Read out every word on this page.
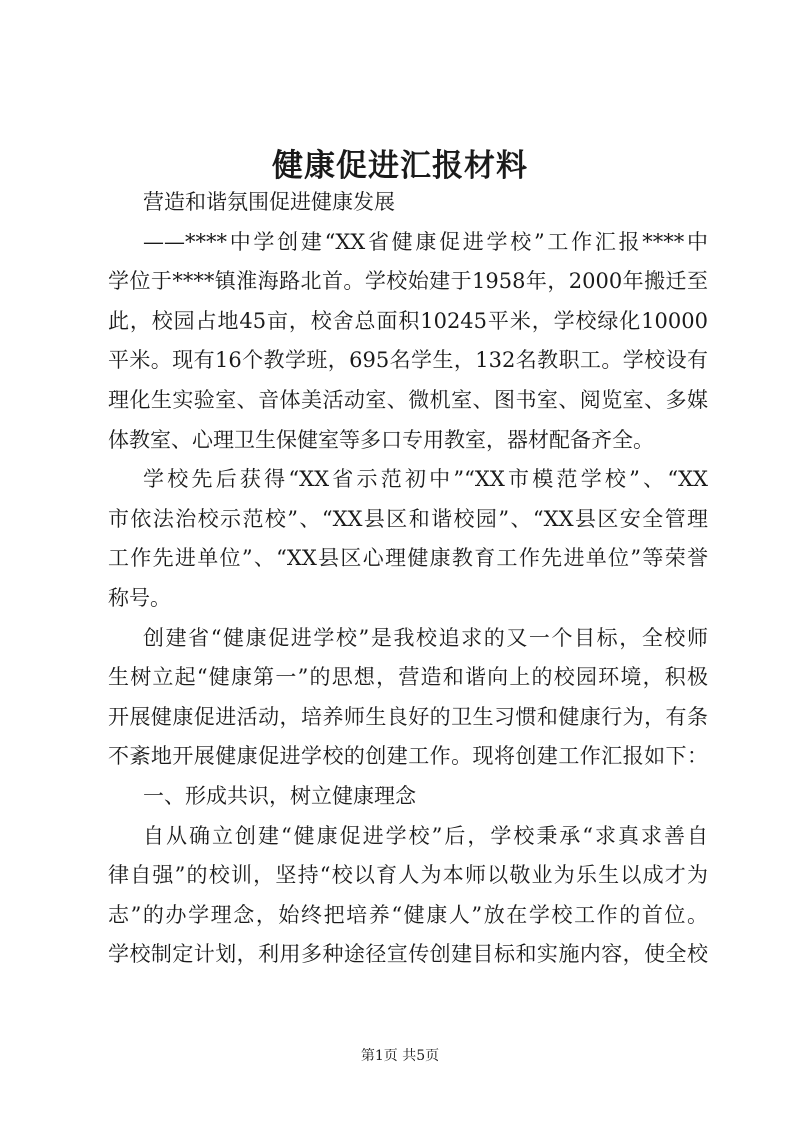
健康促进汇报材料
营造和谐氛围促进健康发展
——****中学创建“XX省健康促进学校”工作汇报****中
学位于****镇淮海路北首。学校始建于1958年，2000年搬迁至
此，校园占地45亩，校舍总面积10245平米，学校绿化10000
平米。现有16个教学班，695名学生，132名教职工。学校设有
理化生实验室、音体美活动室、微机室、图书室、阅览室、多媒
体教室、心理卫生保健室等多口专用教室，器材配备齐全。
学校先后获得“XX省示范初中”“XX市模范学校”、“XX
市依法治校示范校”、“XX县区和谐校园”、“XX县区安全管理
工作先进单位”、“XX县区心理健康教育工作先进单位”等荣誉
称号。
创建省“健康促进学校”是我校追求的又一个目标，全校师
生树立起“健康第一”的思想，营造和谐向上的校园环境，积极
开展健康促进活动，培养师生良好的卫生习惯和健康行为，有条
不紊地开展健康促进学校的创建工作。现将创建工作汇报如下：
一、形成共识，树立健康理念
自从确立创建“健康促进学校”后，学校秉承“求真求善自
律自强”的校训，坚持“校以育人为本师以敬业为乐生以成才为
志”的办学理念，始终把培养“健康人”放在学校工作的首位。
学校制定计划，利用多种途径宣传创建目标和实施内容，使全校
第1页 共5页
